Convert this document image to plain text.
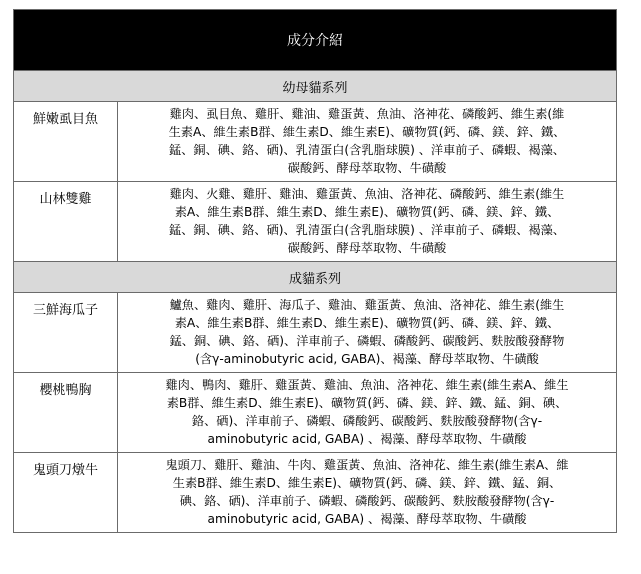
成分介紹
幼母貓系列
鮮嫩虱目魚	雞肉、虱目魚、雞肝、雞油、雞蛋黃、魚油、洛神花、磷酸鈣、維生素(維
生素A、維生素B群、維生素D、維生素E)、礦物質(鈣、磷、鎂、鋅、鐵、
錳、銅、碘、鉻、硒)、乳清蛋白(含乳脂球膜) 、洋車前子、磷蝦、褐藻、
碳酸鈣、酵母萃取物、牛磺酸
山林雙雞	雞肉、火雞、雞肝、雞油、雞蛋黃、魚油、洛神花、磷酸鈣、維生素(維生
素A、維生素B群、維生素D、維生素E)、礦物質(鈣、磷、鎂、鋅、鐵、
錳、銅、碘、鉻、硒)、乳清蛋白(含乳脂球膜) 、洋車前子、磷蝦、褐藻、
碳酸鈣、酵母萃取物、牛磺酸
成貓系列
三鮮海瓜子	鱸魚、雞肉、雞肝、海瓜子、雞油、雞蛋黃、魚油、洛神花、維生素(維生
素A、維生素B群、維生素D、維生素E)、礦物質(鈣、磷、鎂、鋅、鐵、
錳、銅、碘、鉻、硒)、洋車前子、磷蝦、磷酸鈣、碳酸鈣、麩胺酸發酵物
(含γ-aminobutyric acid, GABA)、褐藻、酵母萃取物、牛磺酸
櫻桃鴨胸	雞肉、鴨肉、雞肝、雞蛋黃、雞油、魚油、洛神花、維生素(維生素A、維生
素B群、維生素D、維生素E)、礦物質(鈣、磷、鎂、鋅、鐵、錳、銅、碘、
鉻、硒)、洋車前子、磷蝦、磷酸鈣、碳酸鈣、麩胺酸發酵物(含γ-
aminobutyric acid, GABA) 、褐藻、酵母萃取物、牛磺酸
鬼頭刀燉牛	鬼頭刀、雞肝、雞油、牛肉、雞蛋黃、魚油、洛神花、維生素(維生素A、維
生素B群、維生素D、維生素E)、礦物質(鈣、磷、鎂、鋅、鐵、錳、銅、
碘、鉻、硒)、洋車前子、磷蝦、磷酸鈣、碳酸鈣、麩胺酸發酵物(含γ-
aminobutyric acid, GABA) 、褐藻、酵母萃取物、牛磺酸
